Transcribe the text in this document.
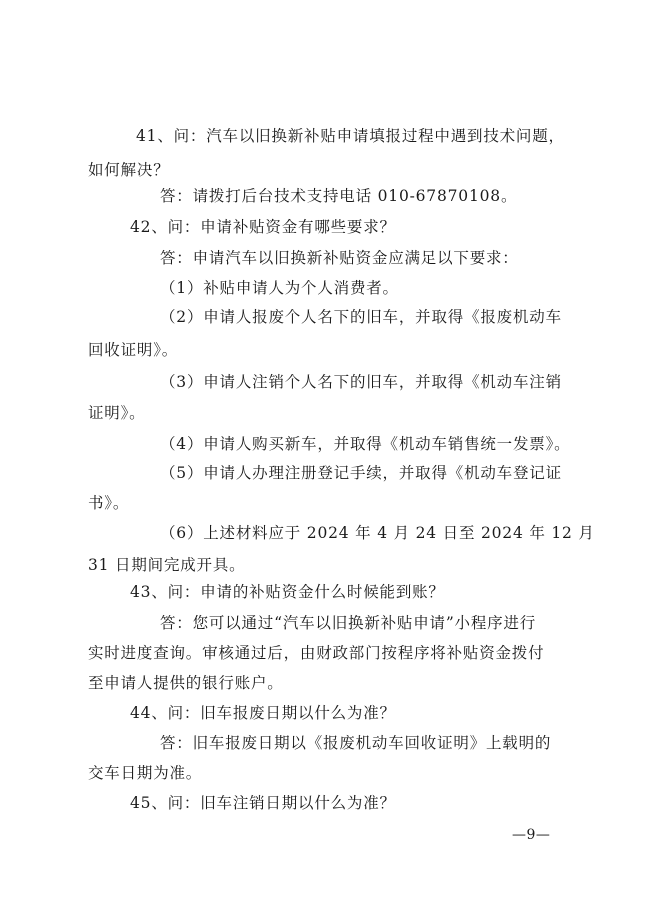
41、问：汽车以旧换新补贴申请填报过程中遇到技术问题，
如何解决？
答：请拨打后台技术支持电话 010-67870108。
42、问：申请补贴资金有哪些要求？
答：申请汽车以旧换新补贴资金应满足以下要求：
（1）补贴申请人为个人消费者。
（2）申请人报废个人名下的旧车，并取得《报废机动车
回收证明》。
（3）申请人注销个人名下的旧车，并取得《机动车注销
证明》。
（4）申请人购买新车，并取得《机动车销售统一发票》。
（5）申请人办理注册登记手续，并取得《机动车登记证
书》。
（6）上述材料应于 2024 年 4 月 24 日至 2024 年 12 月
31 日期间完成开具。
43、问：申请的补贴资金什么时候能到账？
答：您可以通过“汽车以旧换新补贴申请”小程序进行
实时进度查询。审核通过后，由财政部门按程序将补贴资金拨付
至申请人提供的银行账户。
44、问：旧车报废日期以什么为准？
答：旧车报废日期以《报废机动车回收证明》上载明的
交车日期为准。
45、问：旧车注销日期以什么为准？
—9—
